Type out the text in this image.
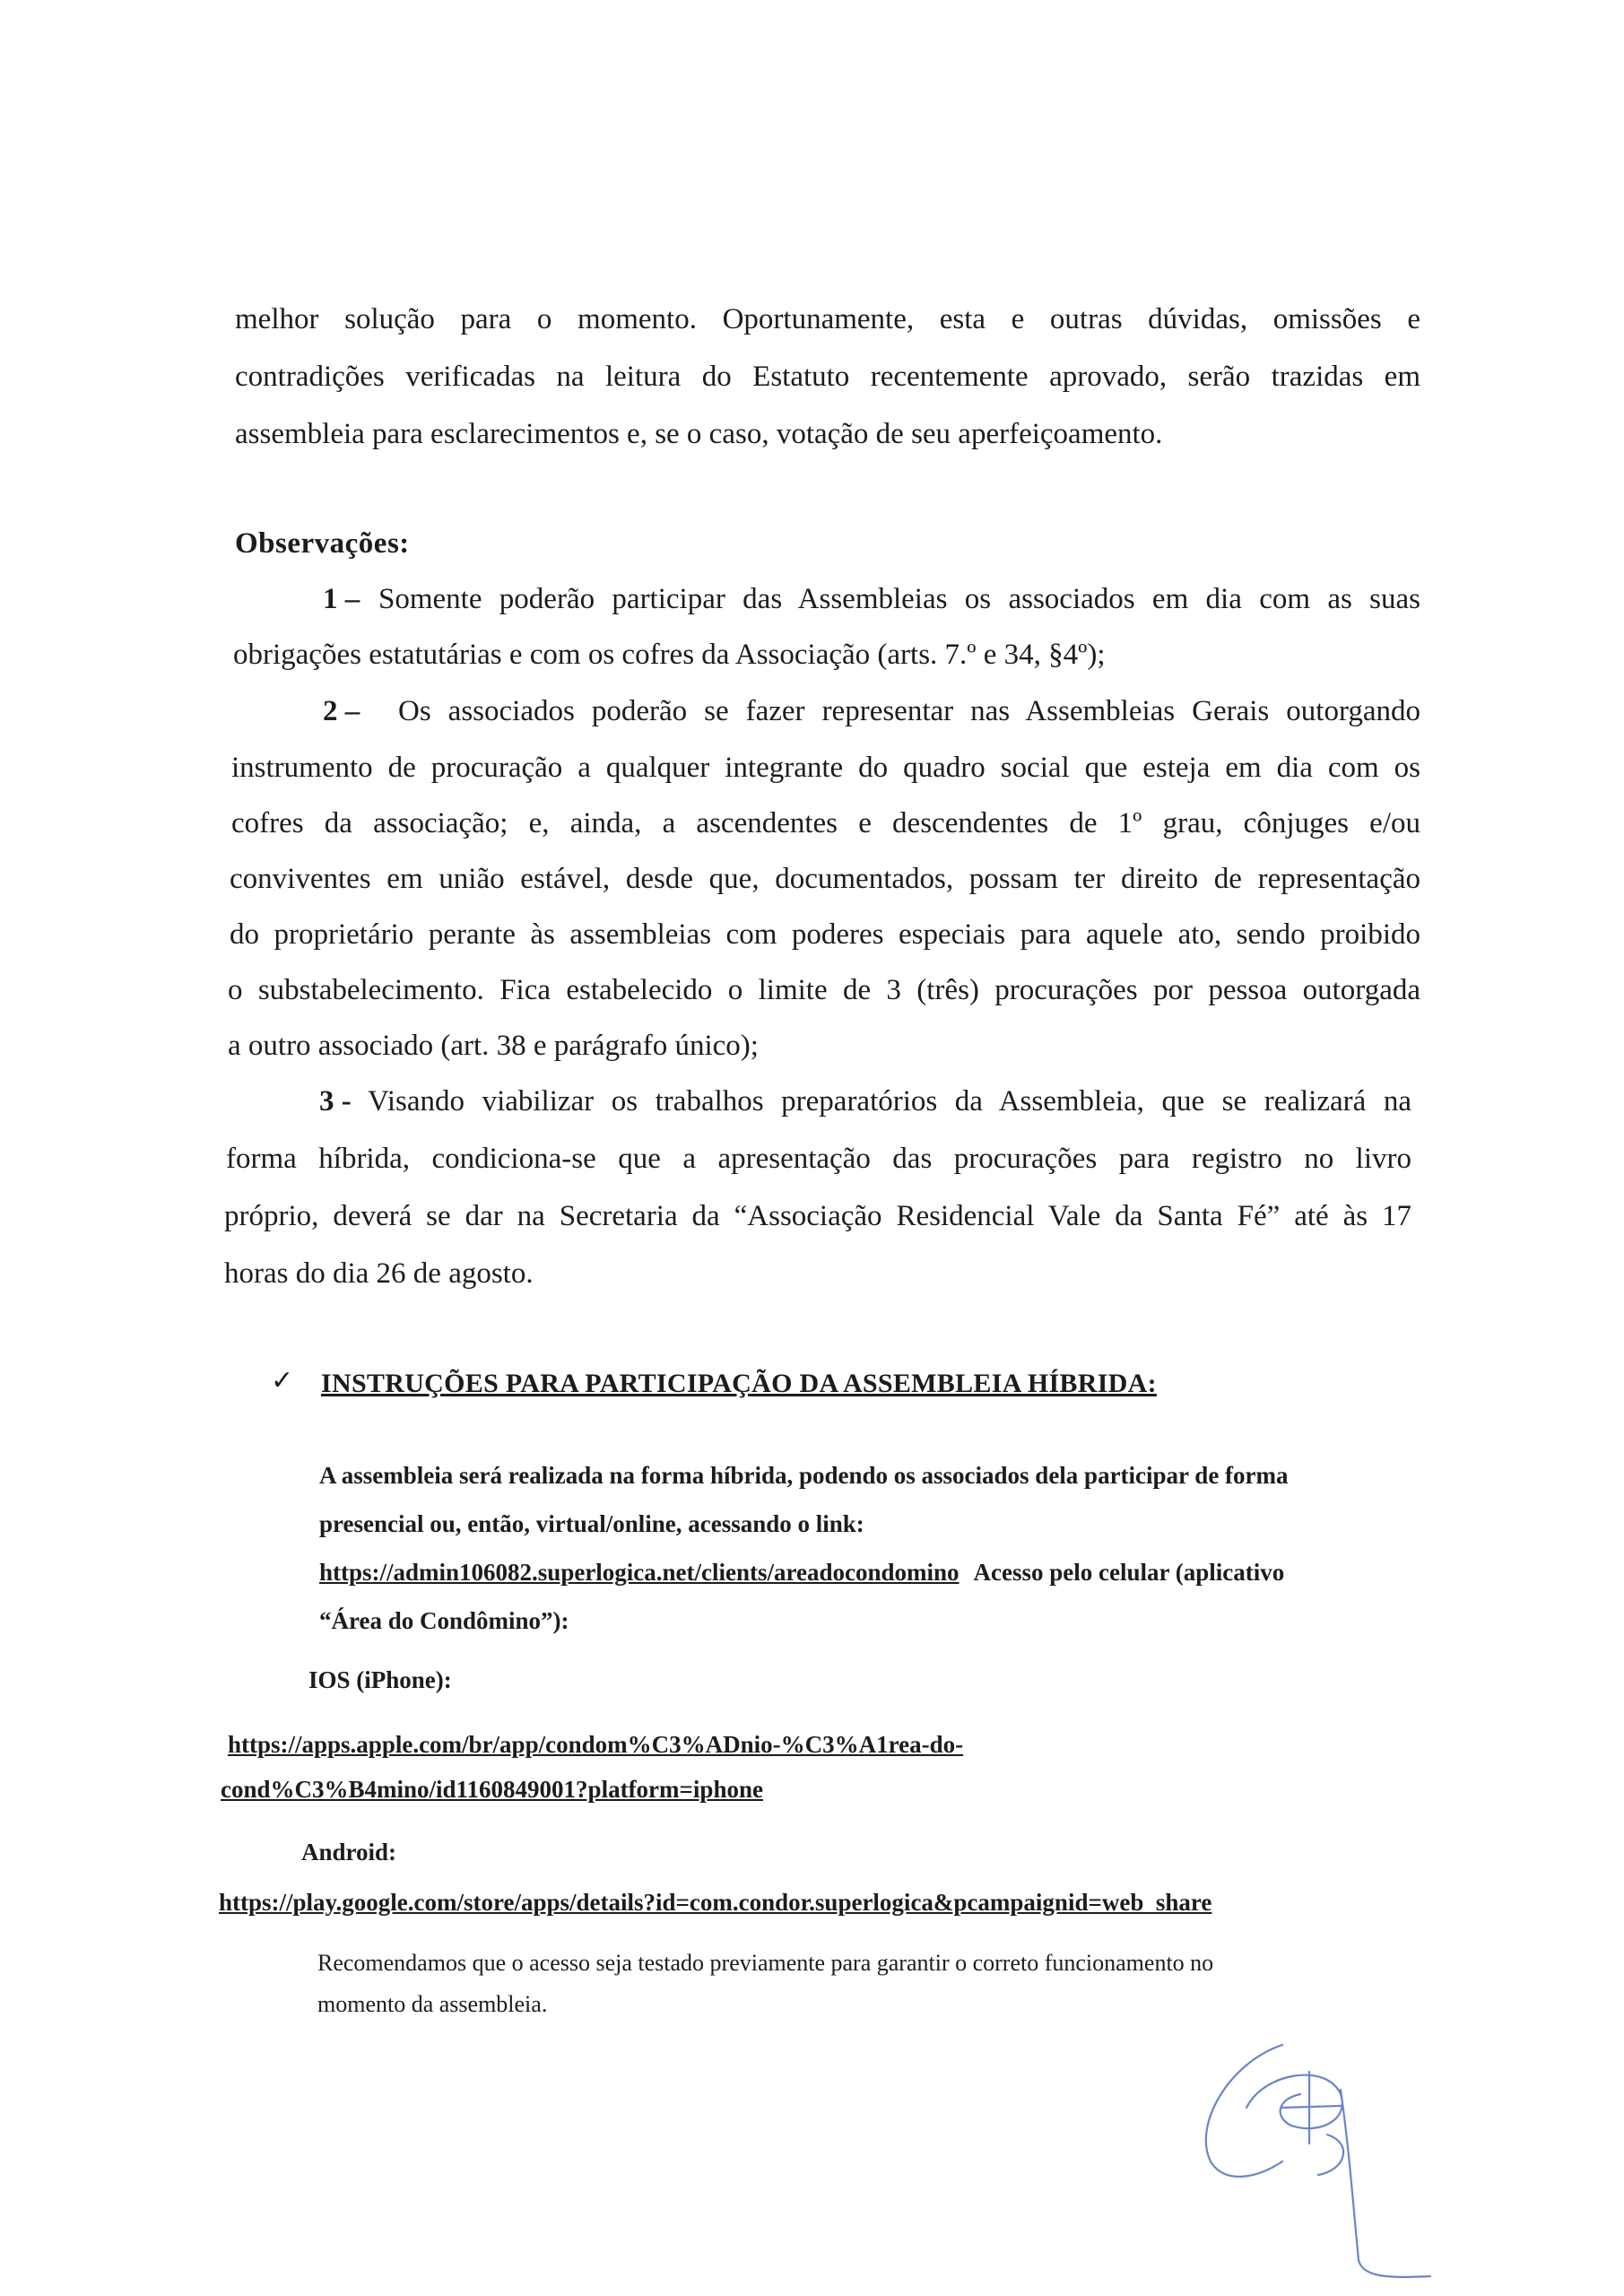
melhor solução para o momento. Oportunamente, esta e outras dúvidas, omissões e
contradições verificadas na leitura do Estatuto recentemente aprovado, serão trazidas em
assembleia para esclarecimentos e, se o caso, votação de seu aperfeiçoamento.
Observações:
1 – Somente poderão participar das Assembleias os associados em dia com as suas
obrigações estatutárias e com os cofres da Associação (arts. 7.º e 34, §4º);
2 – Os associados poderão se fazer representar nas Assembleias Gerais outorgando
instrumento de procuração a qualquer integrante do quadro social que esteja em dia com os
cofres da associação; e, ainda, a ascendentes e descendentes de 1º grau, cônjuges e/ou
conviventes em união estável, desde que, documentados, possam ter direito de representação
do proprietário perante às assembleias com poderes especiais para aquele ato, sendo proibido
o substabelecimento. Fica estabelecido o limite de 3 (três) procurações por pessoa outorgada
a outro associado (art. 38 e parágrafo único);
3 - Visando viabilizar os trabalhos preparatórios da Assembleia, que se realizará na
forma híbrida, condiciona-se que a apresentação das procurações para registro no livro
próprio, deverá se dar na Secretaria da “Associação Residencial Vale da Santa Fé” até às 17
horas do dia 26 de agosto.
✓ INSTRUÇÕES PARA PARTICIPAÇÃO DA ASSEMBLEIA HÍBRIDA:
A assembleia será realizada na forma híbrida, podendo os associados dela participar de forma
presencial ou, então, virtual/online, acessando o link:
https://admin106082.superlogica.net/clients/areadocondomino Acesso pelo celular (aplicativo
“Área do Condômino”):
IOS (iPhone):
https://apps.apple.com/br/app/condom%C3%ADnio-%C3%A1rea-do-
cond%C3%B4mino/id1160849001?platform=iphone
Android:
https://play.google.com/store/apps/details?id=com.condor.superlogica&pcampaignid=web_share
Recomendamos que o acesso seja testado previamente para garantir o correto funcionamento no
momento da assembleia.
